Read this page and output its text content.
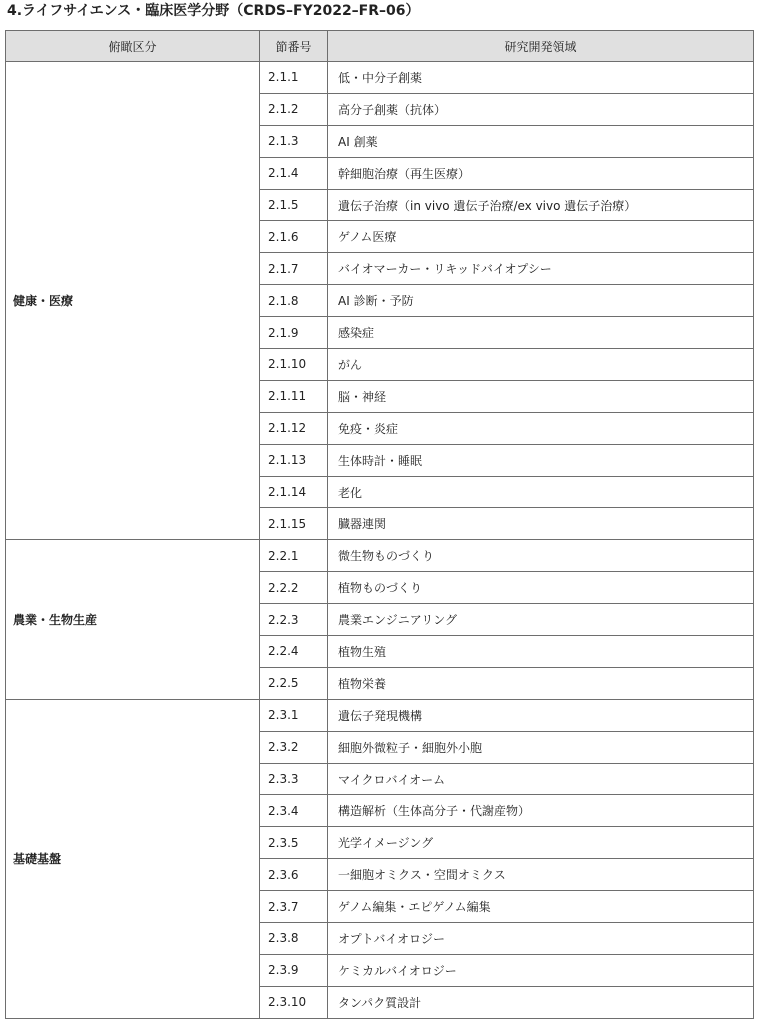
4.ライフサイエンス・臨床医学分野（CRDS–FY2022–FR–06）
俯瞰区分	節番号	研究開発領域
健康・医療	2.1.1	低・中分子創薬
	2.1.2	高分子創薬（抗体）
	2.1.3	AI 創薬
	2.1.4	幹細胞治療（再生医療）
	2.1.5	遺伝子治療（in vivo 遺伝子治療/ex vivo 遺伝子治療）
	2.1.6	ゲノム医療
	2.1.7	バイオマーカー・リキッドバイオプシー
	2.1.8	AI 診断・予防
	2.1.9	感染症
	2.1.10	がん
	2.1.11	脳・神経
	2.1.12	免疫・炎症
	2.1.13	生体時計・睡眠
	2.1.14	老化
	2.1.15	臓器連関
農業・生物生産	2.2.1	微生物ものづくり
	2.2.2	植物ものづくり
	2.2.3	農業エンジニアリング
	2.2.4	植物生殖
	2.2.5	植物栄養
基礎基盤	2.3.1	遺伝子発現機構
	2.3.2	細胞外微粒子・細胞外小胞
	2.3.3	マイクロバイオーム
	2.3.4	構造解析（生体高分子・代謝産物）
	2.3.5	光学イメージング
	2.3.6	一細胞オミクス・空間オミクス
	2.3.7	ゲノム編集・エピゲノム編集
	2.3.8	オプトバイオロジー
	2.3.9	ケミカルバイオロジー
	2.3.10	タンパク質設計
